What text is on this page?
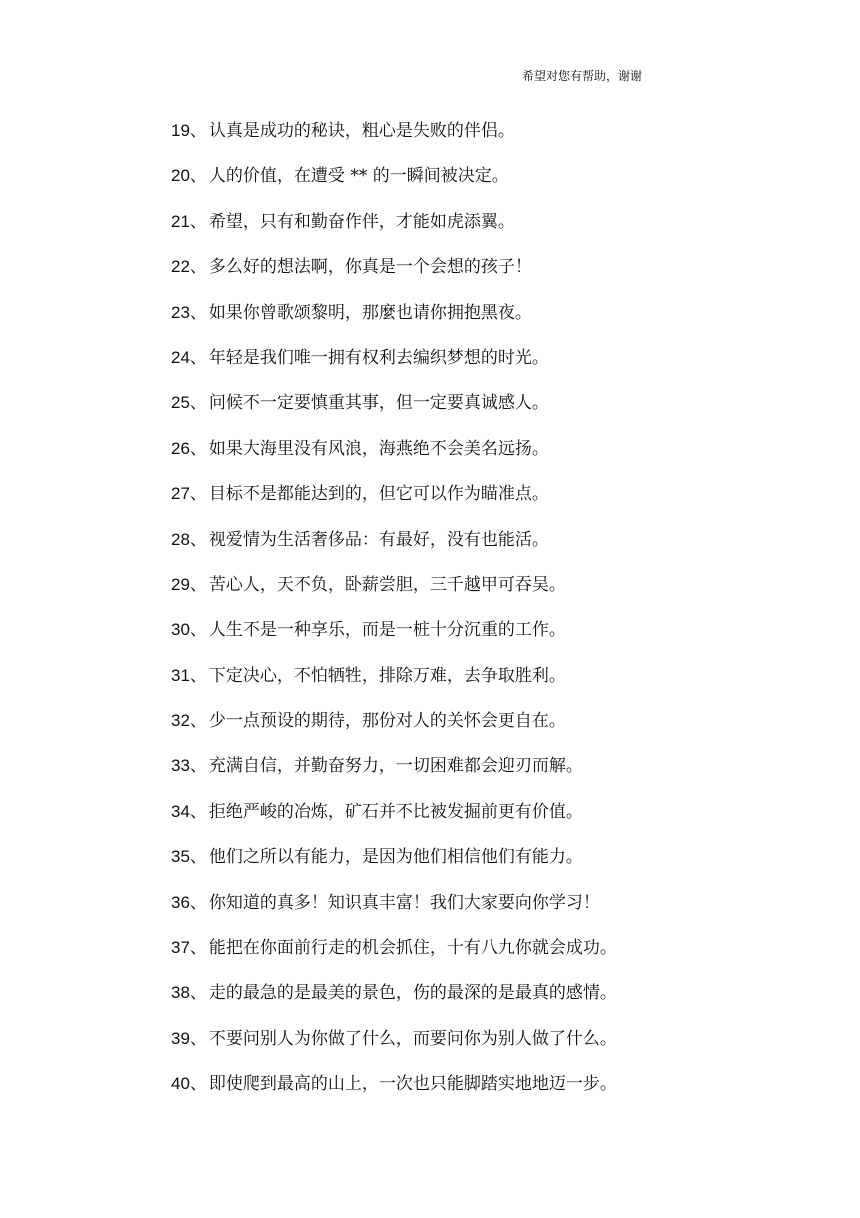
希望对您有帮助，谢谢
19、 认真是成功的秘诀，粗心是失败的伴侣。
20、 人的价值，在遭受 ** 的一瞬间被决定。
21、 希望，只有和勤奋作伴，才能如虎添翼。
22、 多么好的想法啊，你真是一个会想的孩子！
23、 如果你曾歌颂黎明，那麼也请你拥抱黑夜。
24、 年轻是我们唯一拥有权利去编织梦想的时光。
25、 问候不一定要慎重其事，但一定要真诚感人。
26、 如果大海里没有风浪，海燕绝不会美名远扬。
27、 目标不是都能达到的，但它可以作为瞄准点。
28、 视爱情为生活奢侈品：有最好，没有也能活。
29、 苦心人，天不负，卧薪尝胆，三千越甲可吞吴。
30、 人生不是一种享乐，而是一桩十分沉重的工作。
31、 下定决心，不怕牺牲，排除万难，去争取胜利。
32、 少一点预设的期待，那份对人的关怀会更自在。
33、 充满自信，并勤奋努力，一切困难都会迎刃而解。
34、 拒绝严峻的冶炼，矿石并不比被发掘前更有价值。
35、 他们之所以有能力，是因为他们相信他们有能力。
36、 你知道的真多！知识真丰富！我们大家要向你学习！
37、 能把在你面前行走的机会抓住，十有八九你就会成功。
38、 走的最急的是最美的景色，伤的最深的是最真的感情。
39、 不要问别人为你做了什么，而要问你为别人做了什么。
40、 即使爬到最高的山上，一次也只能脚踏实地地迈一步。
